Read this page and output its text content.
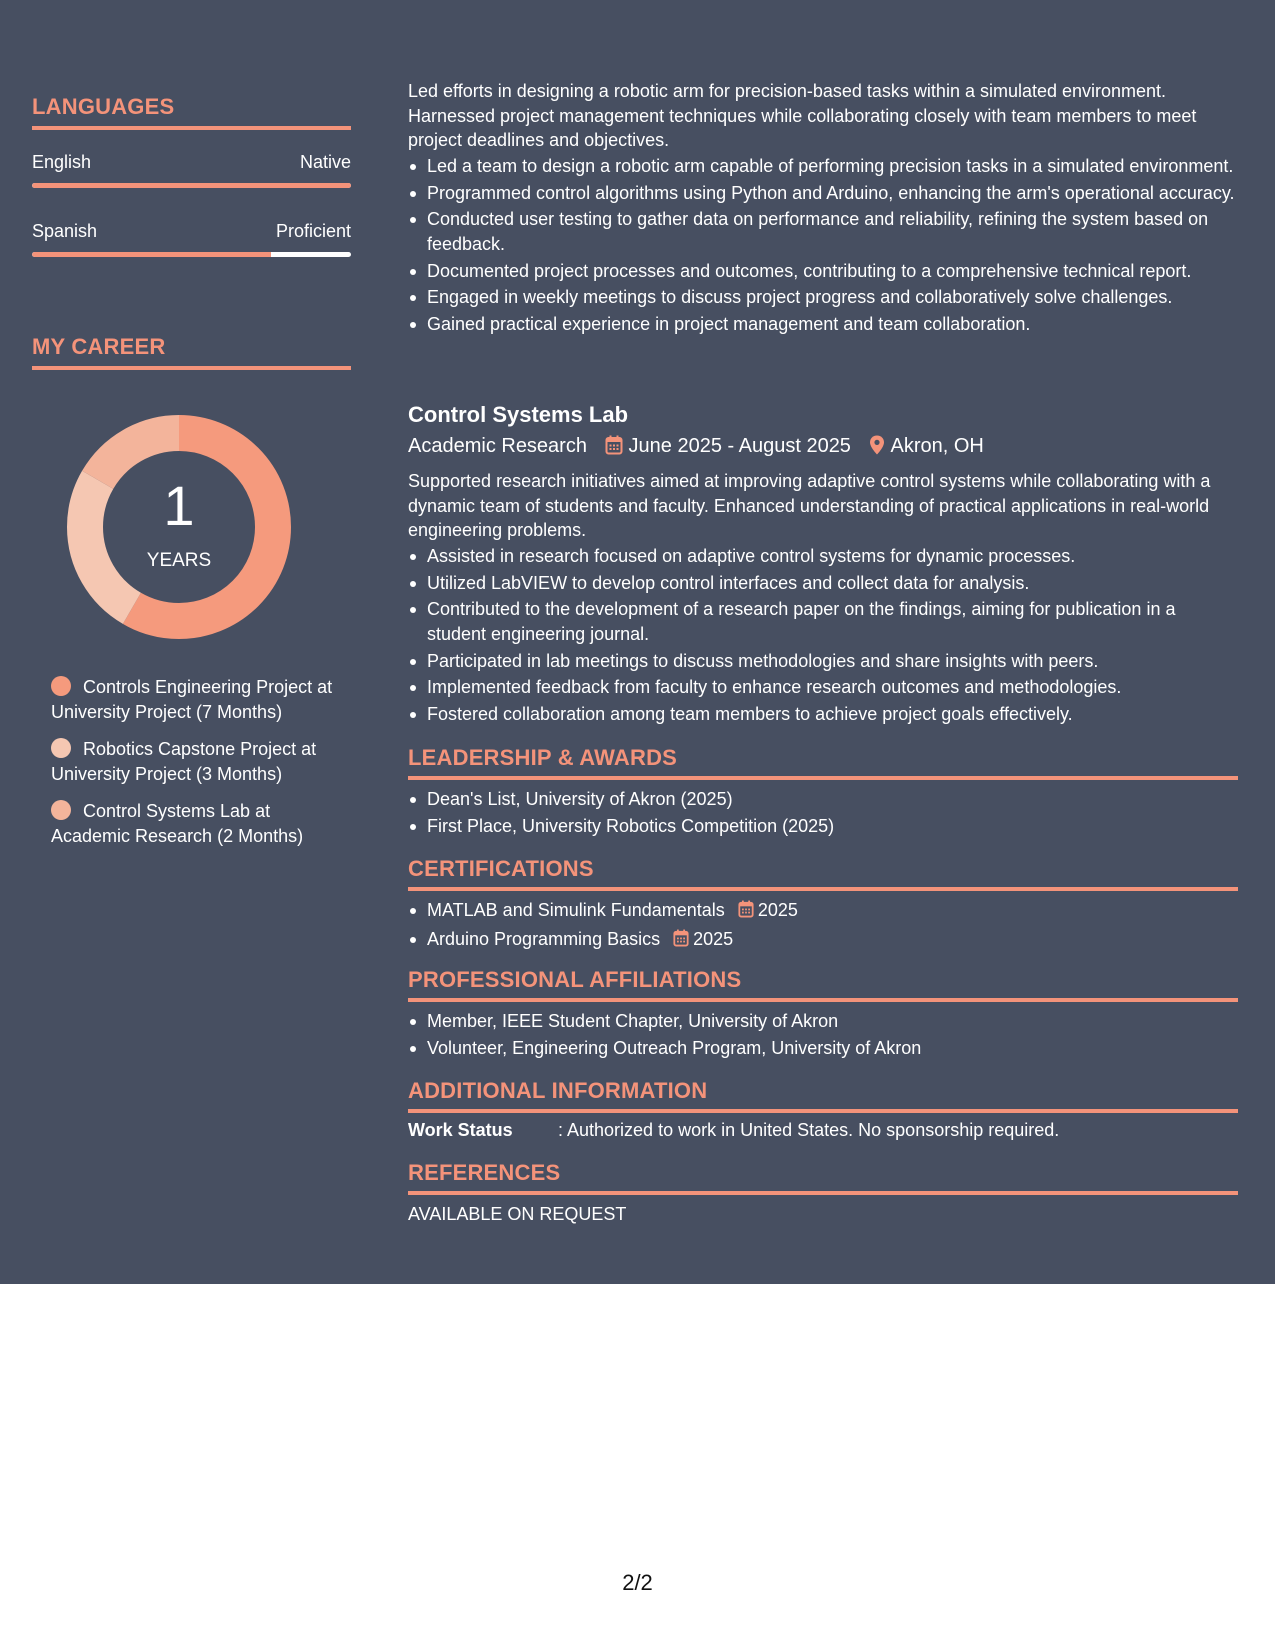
LANGUAGES
English	Native
Spanish	Proficient
MY CAREER
1
YEARS
Controls Engineering Project at University Project (7 Months)
Robotics Capstone Project at University Project (3 Months)
Control Systems Lab at Academic Research (2 Months)

Led efforts in designing a robotic arm for precision-based tasks within a simulated environment. Harnessed project management techniques while collaborating closely with team members to meet project deadlines and objectives.

Led a team to design a robotic arm capable of performing precision tasks in a simulated environment.
Programmed control algorithms using Python and Arduino, enhancing the arm's operational accuracy.
Conducted user testing to gather data on performance and reliability, refining the system based on feedback.
Documented project processes and outcomes, contributing to a comprehensive technical report.
Engaged in weekly meetings to discuss project progress and collaboratively solve challenges.
Gained practical experience in project management and team collaboration.
Control Systems Lab
Academic Research June 2025 - August 2025 Akron, OH

Supported research initiatives aimed at improving adaptive control systems while collaborating with a dynamic team of students and faculty. Enhanced understanding of practical applications in real-world engineering problems.

Assisted in research focused on adaptive control systems for dynamic processes.
Utilized LabVIEW to develop control interfaces and collect data for analysis.
Contributed to the development of a research paper on the findings, aiming for publication in a student engineering journal.
Participated in lab meetings to discuss methodologies and share insights with peers.
Implemented feedback from faculty to enhance research outcomes and methodologies.
Fostered collaboration among team members to achieve project goals effectively.
LEADERSHIP & AWARDS
Dean's List, University of Akron (2025)
First Place, University Robotics Competition (2025)
CERTIFICATIONS
MATLAB and Simulink Fundamentals 2025
Arduino Programming Basics 2025
PROFESSIONAL AFFILIATIONS
Member, IEEE Student Chapter, University of Akron
Volunteer, Engineering Outreach Program, University of Akron
ADDITIONAL INFORMATION
Work Status	: Authorized to work in United States. No sponsorship required.
REFERENCES
AVAILABLE ON REQUEST
2/2
